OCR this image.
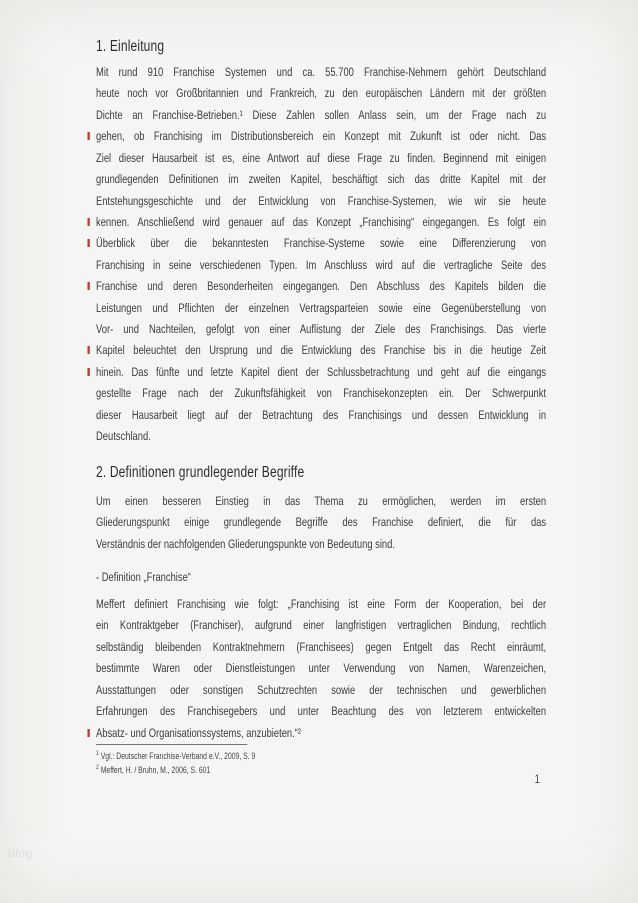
1. Einleitung
Mit rund 910 Franchise Systemen und ca. 55.700 Franchise-Nehmern gehört Deutschland
heute noch vor Großbritannien und Frankreich, zu den europäischen Ländern mit der größten
Dichte an Franchise-Betrieben.¹ Diese Zahlen sollen Anlass sein, um der Frage nach zu
gehen, ob Franchising im Distributionsbereich ein Konzept mit Zukunft ist oder nicht. Das
Ziel dieser Hausarbeit ist es, eine Antwort auf diese Frage zu finden. Beginnend mit einigen
grundlegenden Definitionen im zweiten Kapitel, beschäftigt sich das dritte Kapitel mit der
Entstehungsgeschichte und der Entwicklung von Franchise-Systemen, wie wir sie heute
kennen. Anschließend wird genauer auf das Konzept „Franchising“ eingegangen. Es folgt ein
Überblick über die bekanntesten Franchise-Systeme sowie eine Differenzierung von
Franchising in seine verschiedenen Typen. Im Anschluss wird auf die vertragliche Seite des
Franchise und deren Besonderheiten eingegangen. Den Abschluss des Kapitels bilden die
Leistungen und Pflichten der einzelnen Vertragsparteien sowie eine Gegenüberstellung von
Vor- und Nachteilen, gefolgt von einer Auflistung der Ziele des Franchisings. Das vierte
Kapitel beleuchtet den Ursprung und die Entwicklung des Franchise bis in die heutige Zeit
hinein. Das fünfte und letzte Kapitel dient der Schlussbetrachtung und geht auf die eingangs
gestellte Frage nach der Zukunftsfähigkeit von Franchisekonzepten ein. Der Schwerpunkt
dieser Hausarbeit liegt auf der Betrachtung des Franchisings und dessen Entwicklung in
Deutschland.
2. Definitionen grundlegender Begriffe
Um einen besseren Einstieg in das Thema zu ermöglichen, werden im ersten
Gliederungspunkt einige grundlegende Begriffe des Franchise definiert, die für das
Verständnis der nachfolgenden Gliederungspunkte von Bedeutung sind.
- Definition „Franchise“
Meffert definiert Franchising wie folgt: „Franchising ist eine Form der Kooperation, bei der
ein Kontraktgeber (Franchiser), aufgrund einer langfristigen vertraglichen Bindung, rechtlich
selbständig bleibenden Kontraktnehmern (Franchisees) gegen Entgelt das Recht einräumt,
bestimmte Waren oder Dienstleistungen unter Verwendung von Namen, Warenzeichen,
Ausstattungen oder sonstigen Schutzrechten sowie der technischen und gewerblichen
Erfahrungen des Franchisegebers und unter Beachtung des von letzterem entwickelten
Absatz- und Organisationssystems, anzubieten.“²
$^1$ Vgl.: Deutscher Franchise-Verband e.V., 2009, S. 9
$^2$ Meffert, H. / Bruhn, M., 2006, S. 601
1
blog
